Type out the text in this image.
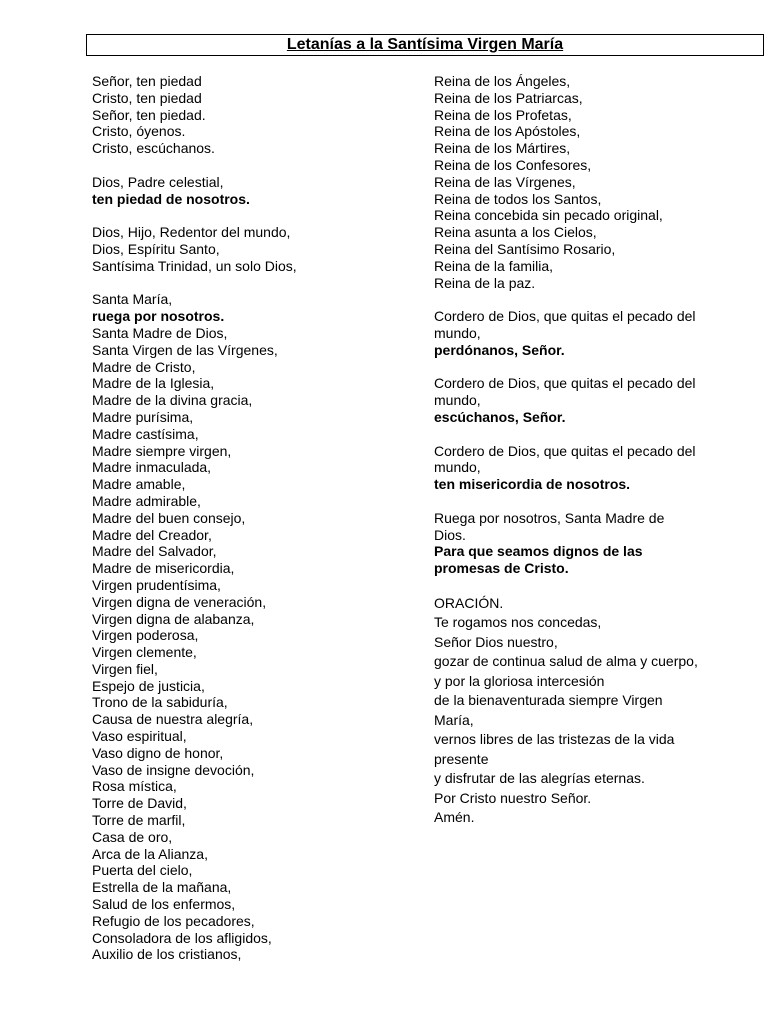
Letanías a la Santísima Virgen María
Señor, ten piedad
Cristo, ten piedad
Señor, ten piedad.
Cristo, óyenos.
Cristo, escúchanos.
Dios, Padre celestial,
ten piedad de nosotros.
Dios, Hijo, Redentor del mundo,
Dios, Espíritu Santo,
Santísima Trinidad, un solo Dios,
Santa María,
ruega por nosotros.
Santa Madre de Dios,
Santa Virgen de las Vírgenes,
Madre de Cristo,
Madre de la Iglesia,
Madre de la divina gracia,
Madre purísima,
Madre castísima,
Madre siempre virgen,
Madre inmaculada,
Madre amable,
Madre admirable,
Madre del buen consejo,
Madre del Creador,
Madre del Salvador,
Madre de misericordia,
Virgen prudentísima,
Virgen digna de veneración,
Virgen digna de alabanza,
Virgen poderosa,
Virgen clemente,
Virgen fiel,
Espejo de justicia,
Trono de la sabiduría,
Causa de nuestra alegría,
Vaso espiritual,
Vaso digno de honor,
Vaso de insigne devoción,
Rosa mística,
Torre de David,
Torre de marfil,
Casa de oro,
Arca de la Alianza,
Puerta del cielo,
Estrella de la mañana,
Salud de los enfermos,
Refugio de los pecadores,
Consoladora de los afligidos,
Auxilio de los cristianos,
Reina de los Ángeles,
Reina de los Patriarcas,
Reina de los Profetas,
Reina de los Apóstoles,
Reina de los Mártires,
Reina de los Confesores,
Reina de las Vírgenes,
Reina de todos los Santos,
Reina concebida sin pecado original,
Reina asunta a los Cielos,
Reina del Santísimo Rosario,
Reina de la familia,
Reina de la paz.
Cordero de Dios, que quitas el pecado del
mundo,
perdónanos, Señor.
Cordero de Dios, que quitas el pecado del
mundo,
escúchanos, Señor.
Cordero de Dios, que quitas el pecado del
mundo,
ten misericordia de nosotros.
Ruega por nosotros, Santa Madre de
Dios.
Para que seamos dignos de las
promesas de Cristo.
ORACIÓN.
Te rogamos nos concedas,
Señor Dios nuestro,
gozar de continua salud de alma y cuerpo,
y por la gloriosa intercesión
de la bienaventurada siempre Virgen
María,
vernos libres de las tristezas de la vida
presente
y disfrutar de las alegrías eternas.
Por Cristo nuestro Señor.
Amén.
